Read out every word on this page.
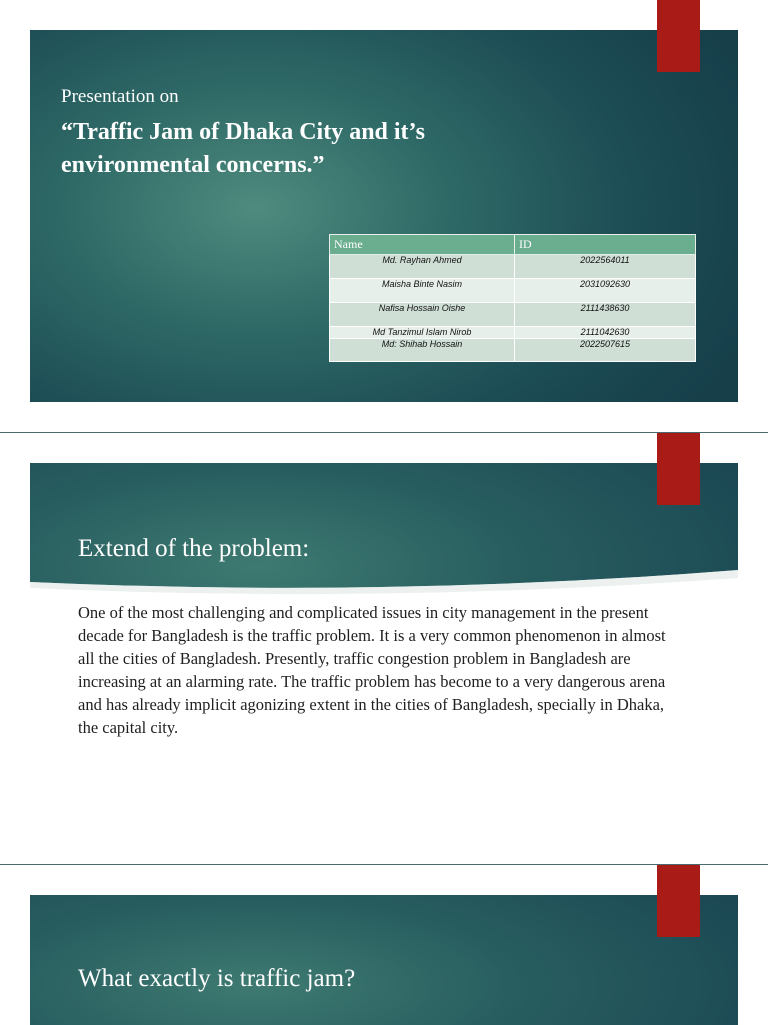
Presentation on
“Traffic Jam of Dhaka City and it’s environmental concerns.”
Name	ID
Md. Rayhan Ahmed	2022564011
Maisha Binte Nasim	2031092630
Nafisa Hossain Oishe	2111438630
Md Tanzimul Islam Nirob	2111042630
Md: Shihab Hossain	2022507615
Extend of the problem:
One of the most challenging and complicated issues in city management in the present decade for Bangladesh is the traffic problem. It is a very common phenomenon in almost all the cities of Bangladesh. Presently, traffic congestion problem in Bangladesh are increasing at an alarming rate. The traffic problem has become to a very dangerous arena and has already implicit agonizing extent in the cities of Bangladesh, specially in Dhaka, the capital city.
What exactly is traffic jam?
